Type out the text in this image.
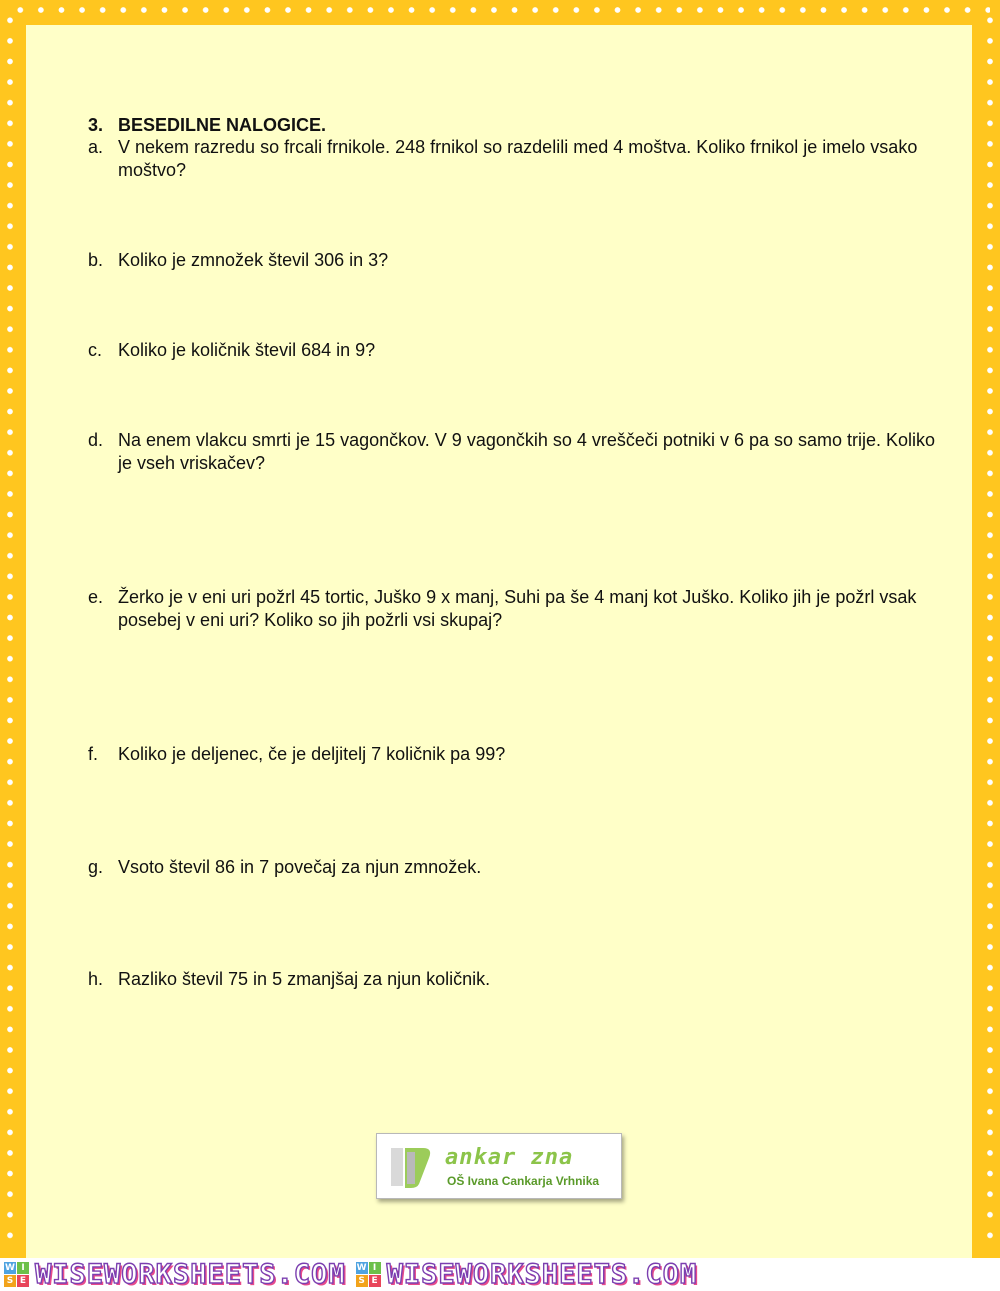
3. BESEDILNE NALOGICE.
a. V nekem razredu so frcali frnikole. 248 frnikol so razdelili med 4 moštva. Koliko frnikol je imelo vsako moštvo?
b. Koliko je zmnožek števil 306 in 3?
c. Koliko je količnik števil 684 in 9?
d. Na enem vlakcu smrti je 15 vagončkov. V 9 vagončkih so 4 vreščeči potniki v 6 pa so samo trije. Koliko je vseh vriskačev?
e. Žerko je v eni uri požrl 45 tortic, Juško 9 x manj, Suhi pa še 4 manj kot Juško. Koliko jih je požrl vsak posebej v eni uri? Koliko so jih požrli vsi skupaj?
f.	Koliko je deljenec, če je deljitelj 7 količnik pa 99?
g. Vsoto števil 86 in 7 povečaj za njun zmnožek.
h. Razliko števil 75 in 5 zmanjšaj za njun količnik.
ankar zna
OŠ Ivana Cankarja Vrhnika
W I
S E WISEWORKSHEETS.COM W I
S E WISEWORKSHEETS.COM
